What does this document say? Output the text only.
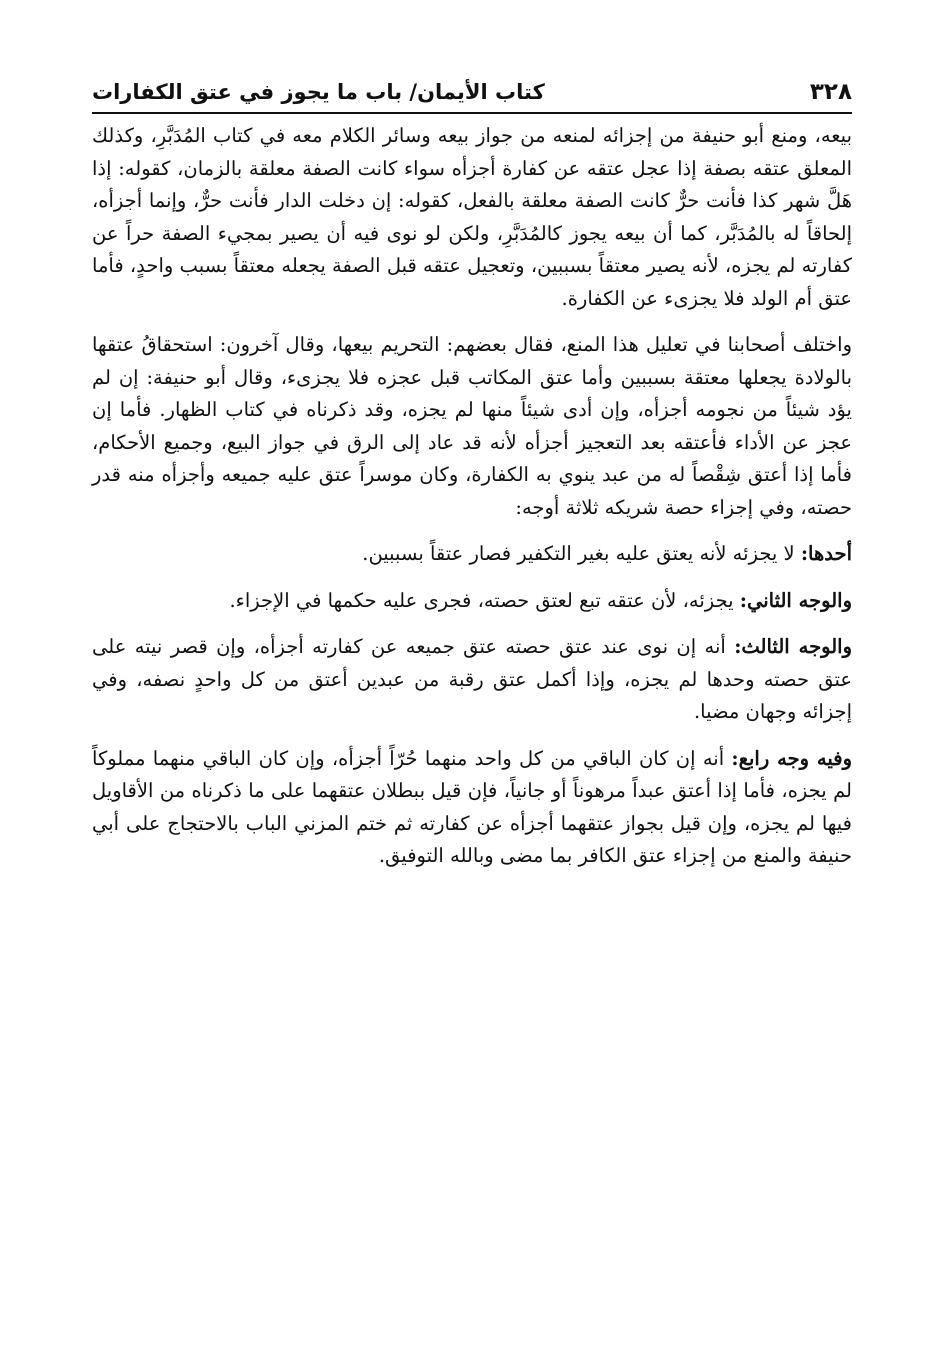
٣٢٨
كتاب الأيمان/ باب ما يجوز في عتق الكفارات

بيعه، ومنع أبو حنيفة من إجزائه لمنعه من جواز بيعه وسائر الكلام معه في كتاب المُدَبَّرِ، وكذلك المعلق عتقه بصفة إذا عجل عتقه عن كفارة أجزأه سواء كانت الصفة معلقة بالزمان، كقوله: إذا هَلَّ شهر كذا فأنت حرٌّ كانت الصفة معلقة بالفعل، كقوله: إن دخلت الدار فأنت حرٌّ، وإنما أجزأه، إلحاقاً له بالمُدَبَّر، كما أن بيعه يجوز كالمُدَبَّرِ، ولكن لو نوى فيه أن يصير بمجيء الصفة حراً عن كفارته لم يجزه، لأنه يصير معتقاً بسببين، وتعجيل عتقه قبل الصفة يجعله معتقاً بسبب واحدٍ، فأما عتق أم الولد فلا يجزىء عن الكفارة.

واختلف أصحابنا في تعليل هذا المنع، فقال بعضهم: التحريم بيعها، وقال آخرون: استحقاقُ عتقها بالولادة يجعلها معتقة بسببين وأما عتق المكاتب قبل عجزه فلا يجزىء، وقال أبو حنيفة: إن لم يؤد شيئاً من نجومه أجزأه، وإن أدى شيئاً منها لم يجزه، وقد ذكرناه في كتاب الظهار. فأما إن عجز عن الأداء فأعتقه بعد التعجيز أجزأه لأنه قد عاد إلى الرق في جواز البيع، وجميع الأحكام، فأما إذا أعتق شِقْصاً له من عبد ينوي به الكفارة، وكان موسراً عتق عليه جميعه وأجزأه منه قدر حصته، وفي إجزاء حصة شريكه ثلاثة أوجه:

أحدها: لا يجزئه لأنه يعتق عليه بغير التكفير فصار عتقاً بسببين.

والوجه الثاني: يجزئه، لأن عتقه تبع لعتق حصته، فجرى عليه حكمها في الإجزاء.

والوجه الثالث: أنه إن نوى عند عتق حصته عتق جميعه عن كفارته أجزأه، وإن قصر نيته على عتق حصته وحدها لم يجزه، وإذا أكمل عتق رقبة من عبدين أعتق من كل واحدٍ نصفه، وفي إجزائه وجهان مضيا.

وفيه وجه رابع: أنه إن كان الباقي من كل واحد منهما حُرّاً أجزأه، وإن كان الباقي منهما مملوكاً لم يجزه، فأما إذا أعتق عبداً مرهوناً أو جانياً، فإن قيل ببطلان عتقهما على ما ذكرناه من الأقاويل فيها لم يجزه، وإن قيل بجواز عتقهما أجزأه عن كفارته ثم ختم المزني الباب بالاحتجاج على أبي حنيفة والمنع من إجزاء عتق الكافر بما مضى وبالله التوفيق.
